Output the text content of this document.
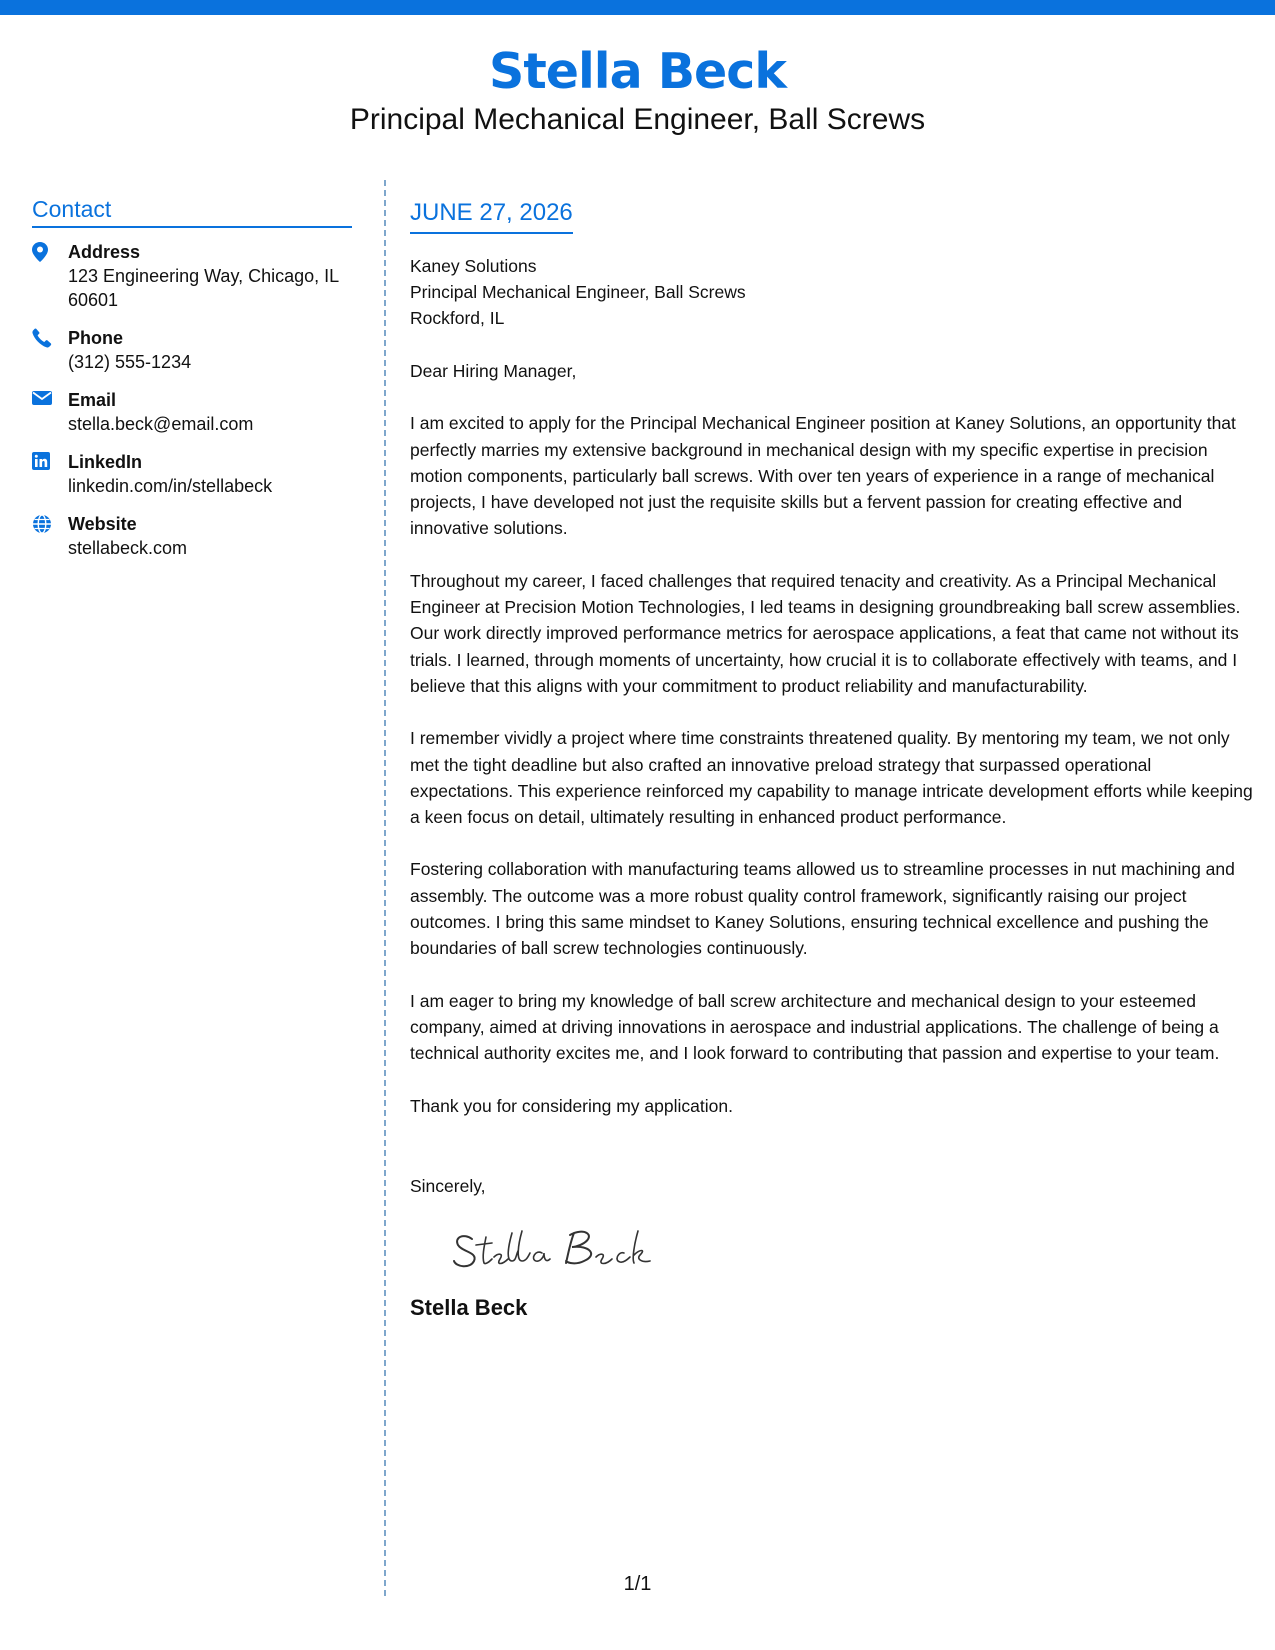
Stella Beck
Principal Mechanical Engineer, Ball Screws
Contact
Address
123 Engineering Way, Chicago, IL 60601
Phone
(312) 555-1234
Email
stella.beck@email.com
LinkedIn
linkedin.com/in/stellabeck
Website
stellabeck.com
JUNE 27, 2026
Kaney Solutions
Principal Mechanical Engineer, Ball Screws
Rockford, IL
Dear Hiring Manager,
I am excited to apply for the Principal Mechanical Engineer position at Kaney Solutions, an opportunity that perfectly marries my extensive background in mechanical design with my specific expertise in precision motion components, particularly ball screws. With over ten years of experience in a range of mechanical projects, I have developed not just the requisite skills but a fervent passion for creating effective and innovative solutions.
Throughout my career, I faced challenges that required tenacity and creativity. As a Principal Mechanical Engineer at Precision Motion Technologies, I led teams in designing groundbreaking ball screw assemblies. Our work directly improved performance metrics for aerospace applications, a feat that came not without its trials. I learned, through moments of uncertainty, how crucial it is to collaborate effectively with teams, and I believe that this aligns with your commitment to product reliability and manufacturability.
I remember vividly a project where time constraints threatened quality. By mentoring my team, we not only met the tight deadline but also crafted an innovative preload strategy that surpassed operational expectations. This experience reinforced my capability to manage intricate development efforts while keeping a keen focus on detail, ultimately resulting in enhanced product performance.
Fostering collaboration with manufacturing teams allowed us to streamline processes in nut machining and assembly. The outcome was a more robust quality control framework, significantly raising our project outcomes. I bring this same mindset to Kaney Solutions, ensuring technical excellence and pushing the boundaries of ball screw technologies continuously.
I am eager to bring my knowledge of ball screw architecture and mechanical design to your esteemed company, aimed at driving innovations in aerospace and industrial applications. The challenge of being a technical authority excites me, and I look forward to contributing that passion and expertise to your team.
Thank you for considering my application.
Sincerely,
Stella Beck
1/1
